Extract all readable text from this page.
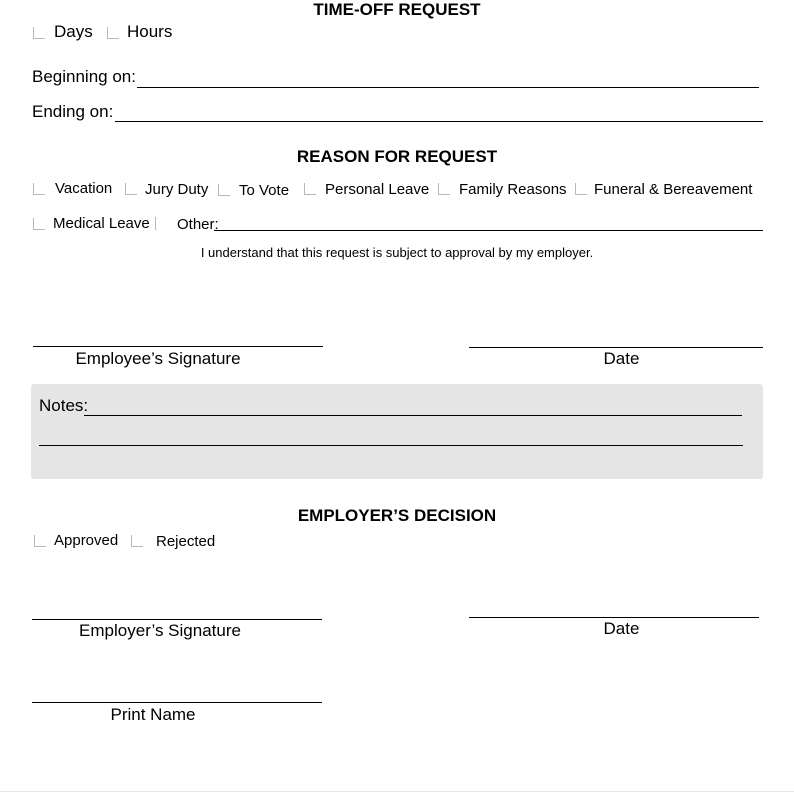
TIME-OFF REQUEST
Days Hours
Beginning on:
Ending on:
REASON FOR REQUEST
Vacation Jury Duty To Vote Personal Leave Family Reasons Funeral & Bereavement
Medical Leave Other:
I understand that this request is subject to approval by my employer.
Employee’s Signature	Date
Notes:
EMPLOYER’S DECISION
Approved	Rejected
Employer’s Signature	Date
Print Name
